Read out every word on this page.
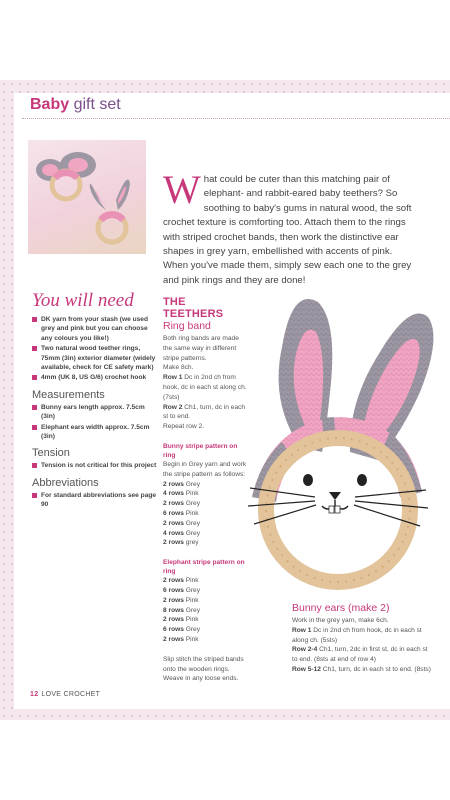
Baby gift set
What could be cuter than this matching pair of elephant- and rabbit-eared baby teethers? So soothing to baby's gums in natural wood, the soft crochet texture is comforting too. Attach them to the rings with striped crochet bands, then work the distinctive ear shapes in grey yarn, embellished with accents of pink. When you've made them, simply sew each one to the grey and pink rings and they are done!
You will need
DK yarn from your stash (we used grey and pink but you can choose any colours you like!)
Two natural wood teether rings, 75mm (3in) exterior diameter (widely available, check for CE safety mark)
4mm (UK 8, US G/6) crochet hook
Measurements
Bunny ears length approx. 7.5cm (3in)
Elephant ears width approx. 7.5cm (3in)
Tension
Tension is not critical for this project
Abbreviations
For standard abbreviations see page 90
THE TEETHERS
Ring band
Both ring bands are made the same way in different stripe patterns.
Make 8ch.
Row 1 Dc in 2nd ch from hook, dc in each st along ch. (7sts)
Row 2 Ch1, turn, dc in each st to end.
Repeat row 2.
Bunny stripe pattern on ring
Begin in Grey yarn and work the stripe pattern as follows:
2 rows Grey
4 rows Pink
2 rows Grey
6 rows Pink
2 rows Grey
4 rows Grey
2 rows grey
Elephant stripe pattern on ring
2 rows Pink
6 rows Grey
2 rows Pink
8 rows Grey
2 rows Pink
6 rows Grey
2 rows Pink
Slip stitch the striped bands onto the wooden rings. Weave in any loose ends.
Bunny ears (make 2)
Work in the grey yarn, make 6ch.
Row 1 Dc in 2nd ch from hook, dc in each st along ch. (5sts)
Row 2-4 Ch1, turn, 2dc in first st, dc in each st to end. (8sts at end of row 4)
Row 5-12 Ch1, turn, dc in each st to end. (8sts)
12 LOVE CROCHET
